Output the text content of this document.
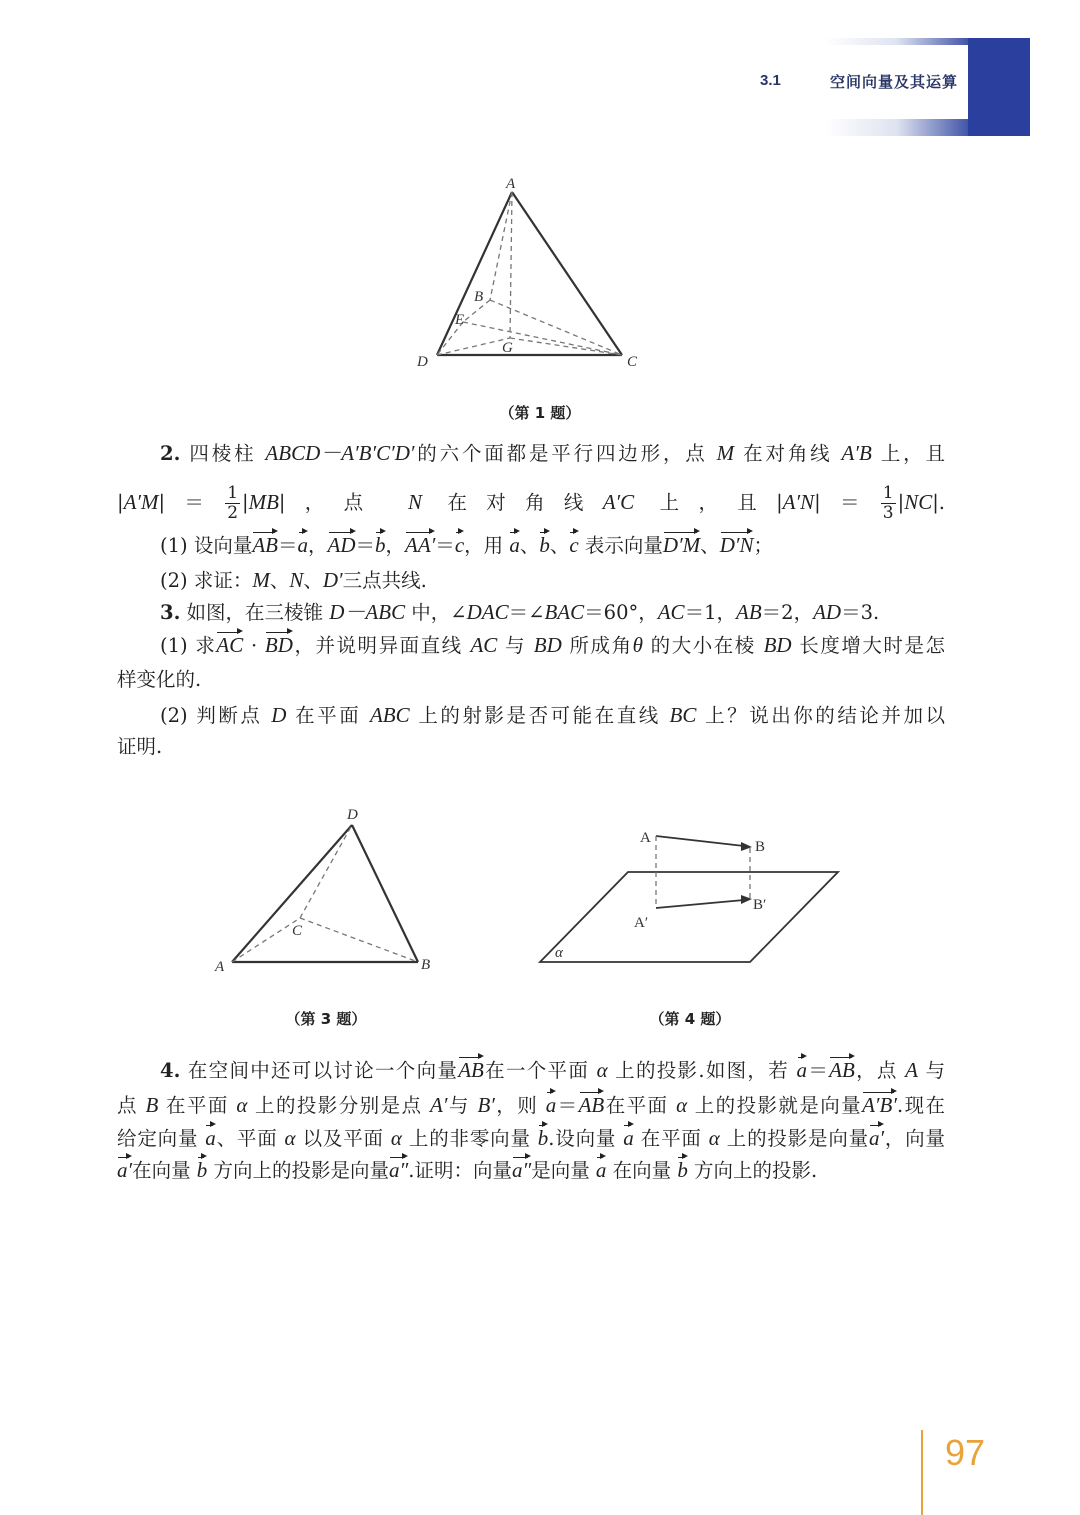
3.1	空间向量及其运算
A
B
E
G
D	C
D
C
A	B
A
B
A′
B′
α
（第 1 题）
（第 3 题）	（第 4 题）
2. 四棱柱 ABCD－A′B′C′D′的六个面都是平行四边形，点 M 在对角线 A′B 上，且
$|A'M|= \frac{1}{2} |MB|$，点 N 在对角线A′C 上，且$|A'N|= \frac{1}{3} |NC|$.
(1) 设向量AB＝a，AD＝b，AA′＝c，用 a、b、c 表示向量D′M、D′N；
(2) 求证：M、N、D′三点共线.
3. 如图，在三棱锥 D－ABC 中，∠DAC＝∠BAC＝60°，AC＝1，AB＝2，AD＝3.
(1) 求AC · BD，并说明异面直线 AC 与 BD 所成角θ 的大小在棱 BD 长度增大时是怎
样变化的.
(2) 判断点 D 在平面 ABC 上的射影是否可能在直线 BC 上？说出你的结论并加以
证明.
4. 在空间中还可以讨论一个向量AB在一个平面 α 上的投影.如图，若 a＝AB，点 A 与
点 B 在平面 α 上的投影分别是点 A′与 B′，则 a＝AB在平面 α 上的投影就是向量A′B′.现在
给定向量 a、平面 α 以及平面 α 上的非零向量 b.设向量 a 在平面 α 上的投影是向量a′，向量
a′在向量 b 方向上的投影是向量a″.证明：向量a″是向量 a 在向量 b 方向上的投影.
97
